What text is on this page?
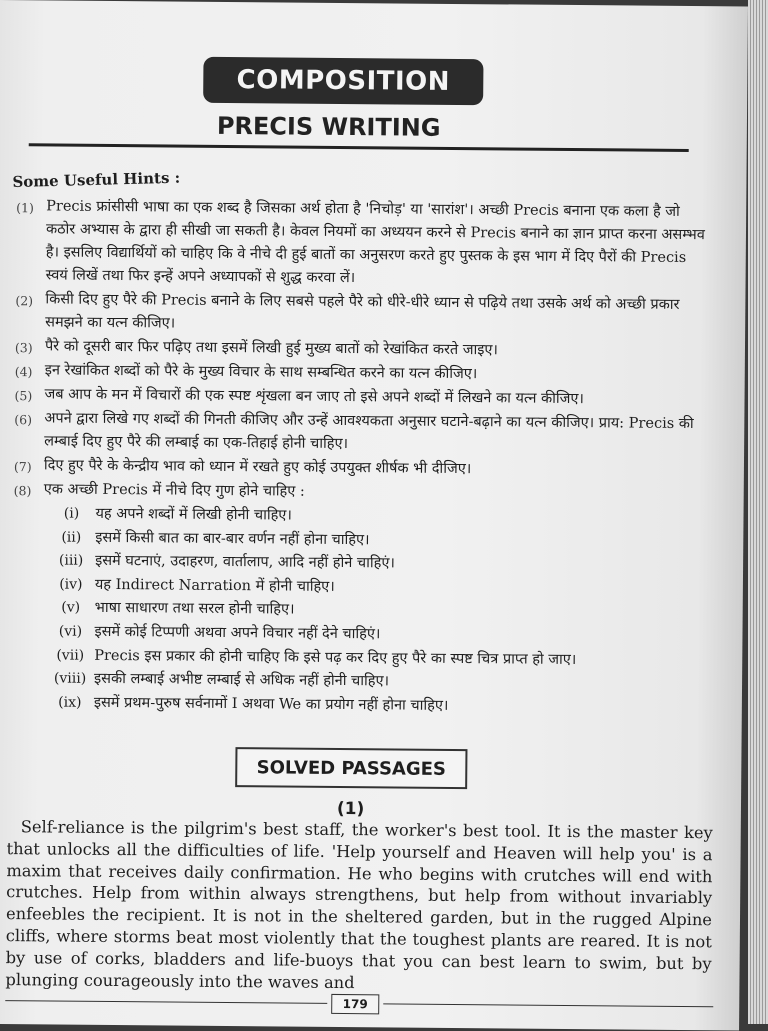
COMPOSITION
PRECIS WRITING
Some Useful Hints :
(1) Precis फ्रांसीसी भाषा का एक शब्द है जिसका अर्थ होता है 'निचोड़' या 'सारांश'। अच्छी Precis बनाना एक कला है जो कठोर अभ्यास के द्वारा ही सीखी जा सकती है। केवल नियमों का अध्ययन करने से Precis बनाने का ज्ञान प्राप्त करना असम्भव है। इसलिए विद्यार्थियों को चाहिए कि वे नीचे दी हुई बातों का अनुसरण करते हुए पुस्तक के इस भाग में दिए पैरों की Precis स्वयं लिखें तथा फिर इन्हें अपने अध्यापकों से शुद्ध करवा लें।
(2) किसी दिए हुए पैरे की Precis बनाने के लिए सबसे पहले पैरे को धीरे-धीरे ध्यान से पढ़िये तथा उसके अर्थ को अच्छी प्रकार समझने का यत्न कीजिए।
(3) पैरे को दूसरी बार फिर पढ़िए तथा इसमें लिखी हुई मुख्य बातों को रेखांकित करते जाइए।
(4) इन रेखांकित शब्दों को पैरे के मुख्य विचार के साथ सम्बन्धित करने का यत्न कीजिए।
(5) जब आप के मन में विचारों की एक स्पष्ट शृंखला बन जाए तो इसे अपने शब्दों में लिखने का यत्न कीजिए।
(6) अपने द्वारा लिखे गए शब्दों की गिनती कीजिए और उन्हें आवश्यकता अनुसार घटाने-बढ़ाने का यत्न कीजिए। प्राय: Precis की लम्बाई दिए हुए पैरे की लम्बाई का एक-तिहाई होनी चाहिए।
(7) दिए हुए पैरे के केन्द्रीय भाव को ध्यान में रखते हुए कोई उपयुक्त शीर्षक भी दीजिए।
(8) एक अच्छी Precis में नीचे दिए गुण होने चाहिए :
(i)	यह अपने शब्दों में लिखी होनी चाहिए।
(ii) इसमें किसी बात का बार-बार वर्णन नहीं होना चाहिए।
(iii) इसमें घटनाएं, उदाहरण, वार्तालाप, आदि नहीं होने चाहिएं।
(iv) यह Indirect Narration में होनी चाहिए।
(v) भाषा साधारण तथा सरल होनी चाहिए।
(vi) इसमें कोई टिप्पणी अथवा अपने विचार नहीं देने चाहिएं।
(vii) Precis इस प्रकार की होनी चाहिए कि इसे पढ़ कर दिए हुए पैरे का स्पष्ट चित्र प्राप्त हो जाए।
(viii) इसकी लम्बाई अभीष्ट लम्बाई से अधिक नहीं होनी चाहिए।
(ix) इसमें प्रथम-पुरुष सर्वनामों I अथवा We का प्रयोग नहीं होना चाहिए।
SOLVED PASSAGES
(1)

Self-reliance is the pilgrim's best staff, the worker's best tool. It is the master key that unlocks all the difficulties of life. 'Help yourself and Heaven will help you' is a maxim that receives daily confirmation. He who begins with crutches will end with crutches. Help from within always strengthens, but help from without invariably enfeebles the recipient. It is not in the sheltered garden, but in the rugged Alpine cliffs, where storms beat most violently that the toughest plants are reared. It is not by use of corks, bladders and life-buoys that you can best learn to swim, but by plunging courageously into the waves and

179
